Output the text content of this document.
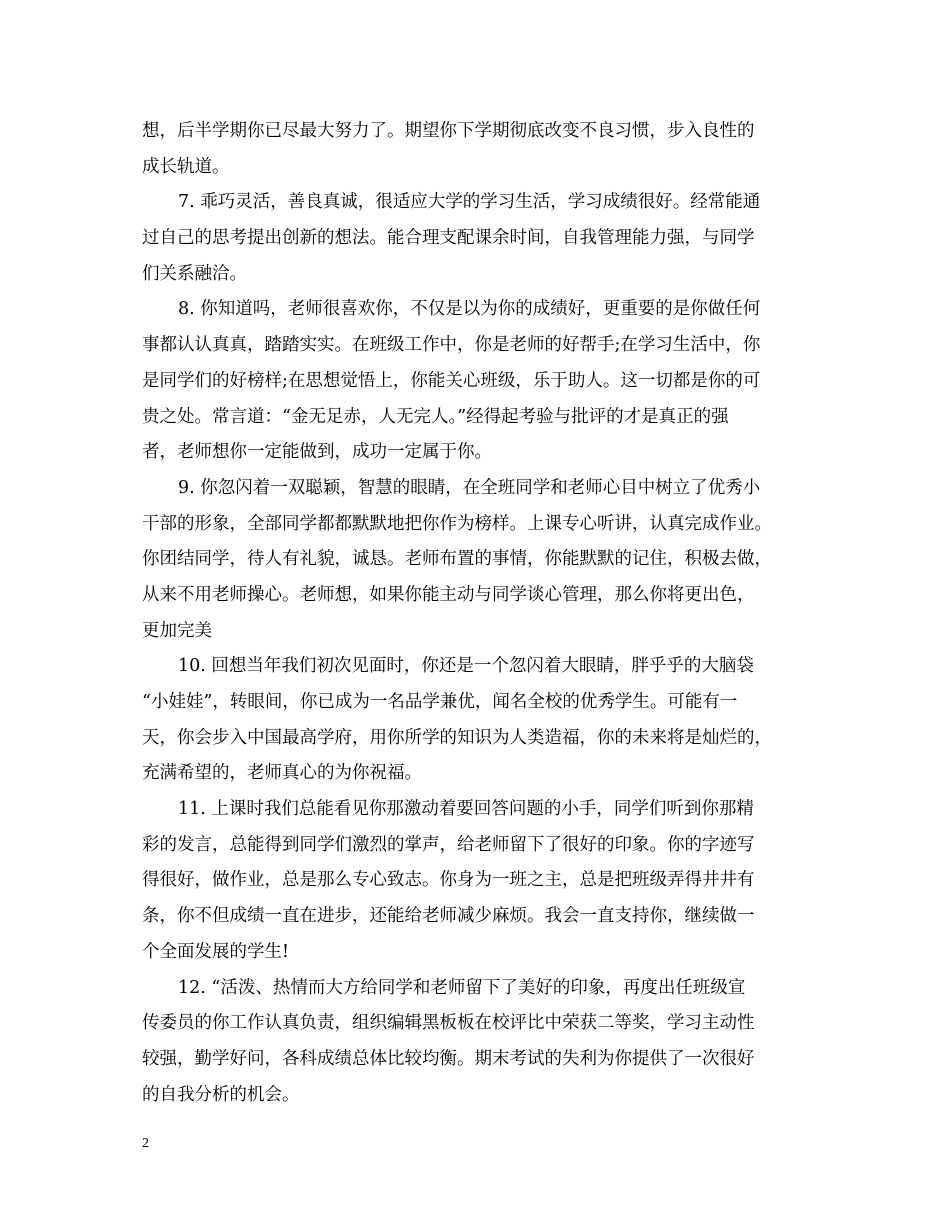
想，后半学期你已尽最大努力了。期望你下学期彻底改变不良习惯，步入良性的
成长轨道。

7. 乖巧灵活，善良真诚，很适应大学的学习生活，学习成绩很好。经常能通
过自己的思考提出创新的想法。能合理支配课余时间，自我管理能力强，与同学
们关系融洽。

8. 你知道吗，老师很喜欢你，不仅是以为你的成绩好，更重要的是你做任何
事都认认真真，踏踏实实。在班级工作中，你是老师的好帮手;在学习生活中，你
是同学们的好榜样;在思想觉悟上，你能关心班级，乐于助人。这一切都是你的可
贵之处。常言道：“金无足赤，人无完人。”经得起考验与批评的才是真正的强
者，老师想你一定能做到，成功一定属于你。

9. 你忽闪着一双聪颖，智慧的眼睛，在全班同学和老师心目中树立了优秀小
干部的形象，全部同学都都默默地把你作为榜样。上课专心听讲，认真完成作业。
你团结同学，待人有礼貌，诚恳。老师布置的事情，你能默默的记住，积极去做，
从来不用老师操心。老师想，如果你能主动与同学谈心管理，那么你将更出色，
更加完美

10. 回想当年我们初次见面时，你还是一个忽闪着大眼睛，胖乎乎的大脑袋
“小娃娃”，转眼间，你已成为一名品学兼优，闻名全校的优秀学生。可能有一
天，你会步入中国最高学府，用你所学的知识为人类造福，你的未来将是灿烂的，
充满希望的，老师真心的为你祝福。

11. 上课时我们总能看见你那激动着要回答问题的小手，同学们听到你那精
彩的发言，总能得到同学们激烈的掌声，给老师留下了很好的印象。你的字迹写
得很好，做作业，总是那么专心致志。你身为一班之主，总是把班级弄得井井有
条，你不但成绩一直在进步，还能给老师减少麻烦。我会一直支持你，继续做一
个全面发展的学生!

12. “活泼、热情而大方给同学和老师留下了美好的印象，再度出任班级宣
传委员的你工作认真负责，组织编辑黑板板在校评比中荣获二等奖，学习主动性
较强，勤学好问，各科成绩总体比较均衡。期末考试的失利为你提供了一次很好
的自我分析的机会。

2
